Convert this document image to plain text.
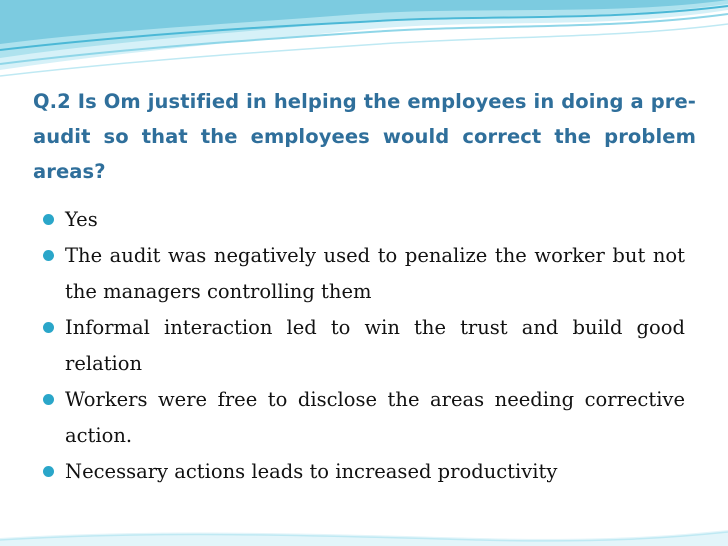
Q.2 Is Om justified in helping the employees in doing a pre-audit so that the employees would correct the problem areas?
Yes
The audit was negatively used to penalize the worker but not the managers controlling them
Informal interaction led to win the trust and build good relation
Workers were free to disclose the areas needing corrective action.
Necessary actions leads to increased productivity
